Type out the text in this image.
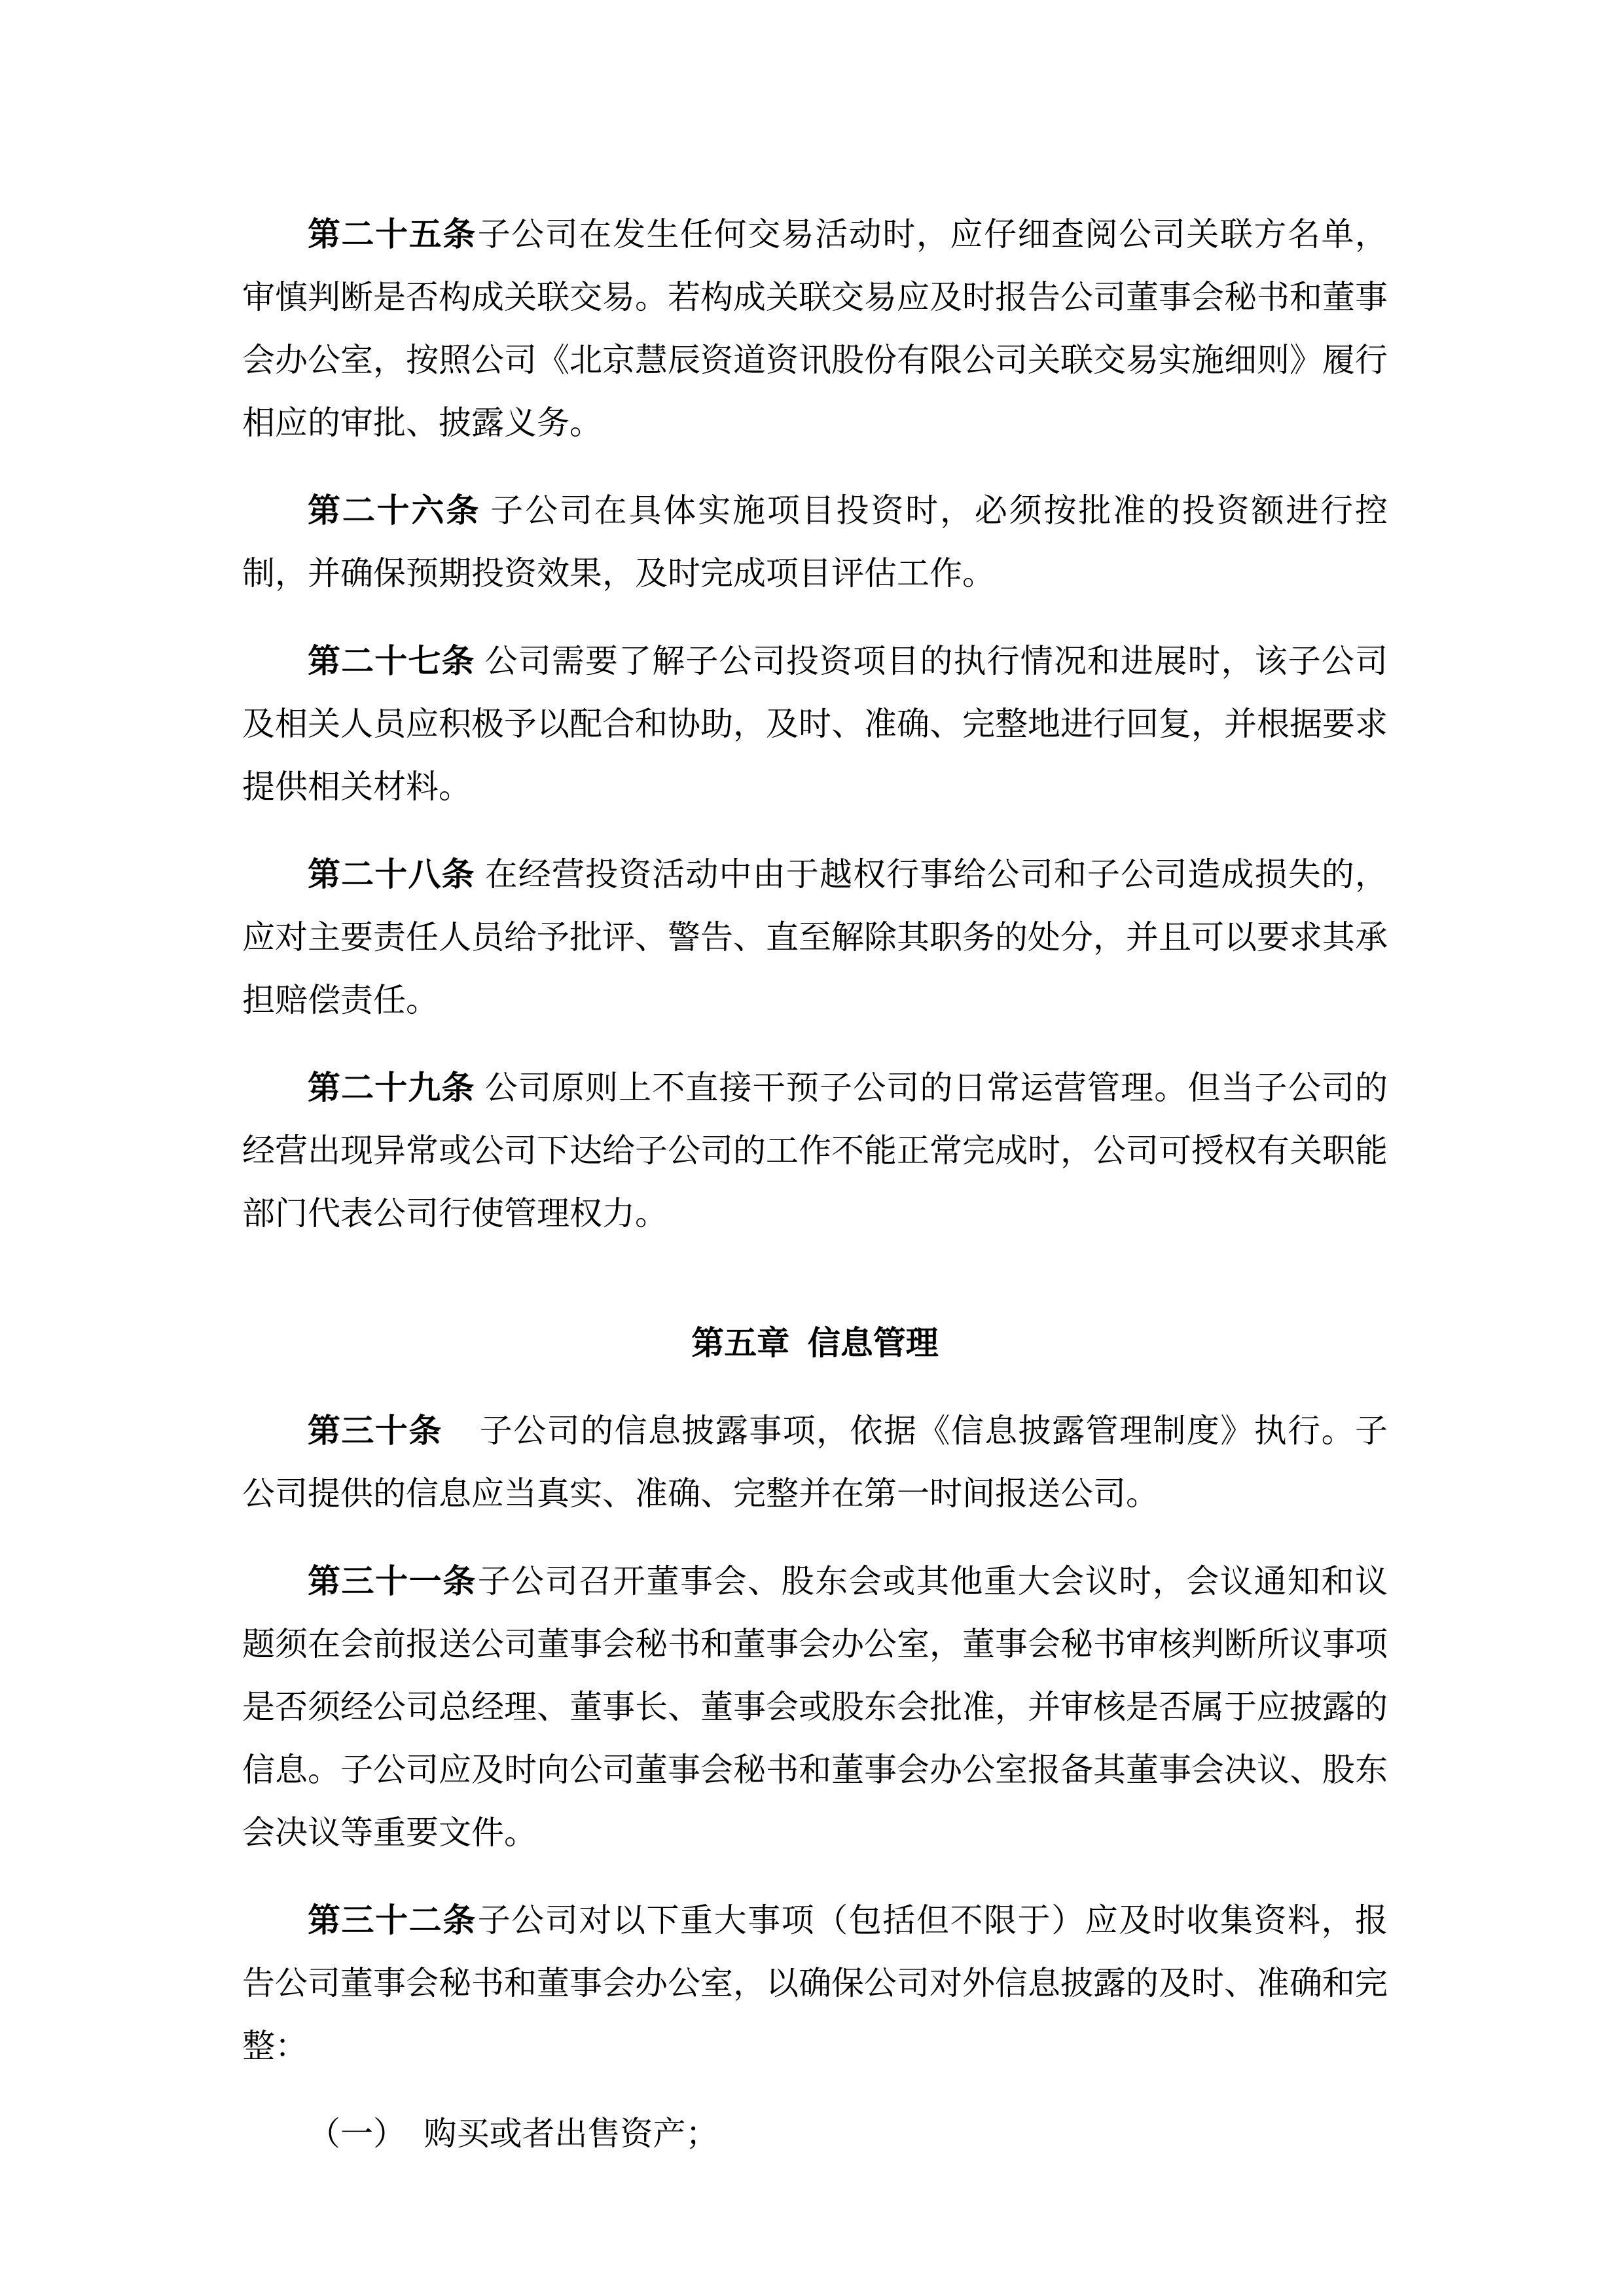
第二十五条子公司在发生任何交易活动时，应仔细查阅公司关联方名单，审慎判断是否构成关联交易。若构成关联交易应及时报告公司董事会秘书和董事会办公室，按照公司《北京慧辰资道资讯股份有限公司关联交易实施细则》履行相应的审批、披露义务。

第二十六条 子公司在具体实施项目投资时，必须按批准的投资额进行控制，并确保预期投资效果，及时完成项目评估工作。

第二十七条 公司需要了解子公司投资项目的执行情况和进展时，该子公司及相关人员应积极予以配合和协助，及时、准确、完整地进行回复，并根据要求提供相关材料。

第二十八条 在经营投资活动中由于越权行事给公司和子公司造成损失的，应对主要责任人员给予批评、警告、直至解除其职务的处分，并且可以要求其承担赔偿责任。

第二十九条 公司原则上不直接干预子公司的日常运营管理。但当子公司的经营出现异常或公司下达给子公司的工作不能正常完成时，公司可授权有关职能部门代表公司行使管理权力。

第五章 信息管理

第三十条 子公司的信息披露事项，依据《信息披露管理制度》执行。子公司提供的信息应当真实、准确、完整并在第一时间报送公司。

第三十一条子公司召开董事会、股东会或其他重大会议时，会议通知和议题须在会前报送公司董事会秘书和董事会办公室，董事会秘书审核判断所议事项是否须经公司总经理、董事长、董事会或股东会批准，并审核是否属于应披露的信息。子公司应及时向公司董事会秘书和董事会办公室报备其董事会决议、股东会决议等重要文件。

第三十二条子公司对以下重大事项（包括但不限于）应及时收集资料，报告公司董事会秘书和董事会办公室，以确保公司对外信息披露的及时、准确和完整：

（一） 购买或者出售资产；
